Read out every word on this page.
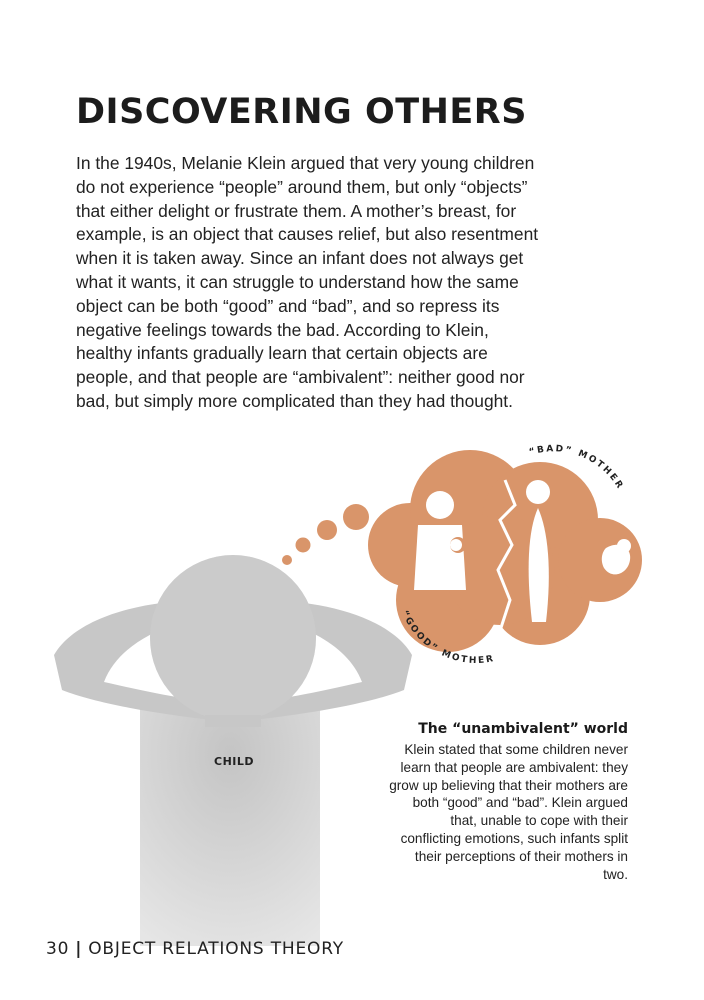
DISCOVERING OTHERS

In the 1940s, Melanie Klein argued that very young children do not experience “people” around them, but only “objects” that either delight or frustrate them. A mother’s breast, for example, is an object that causes relief, but also resentment when it is taken away. Since an infant does not always get what it wants, it can struggle to understand how the same object can be both “good” and “bad”, and so repress its negative feelings towards the bad. According to Klein, healthy infants gradually learn that certain objects are people, and that people are “ambivalent”: neither good nor bad, but simply more complicated than they had thought.

“BAD” MOTHER
“GOOD” MOTHER

CHILD

The “unambivalent” world

Klein stated that some children never learn that people are ambivalent: they grow up believing that their mothers are both “good” and “bad”. Klein argued that, unable to cope with their conflicting emotions, such infants split their perceptions of their mothers in two.

30 | OBJECT RELATIONS THEORY
